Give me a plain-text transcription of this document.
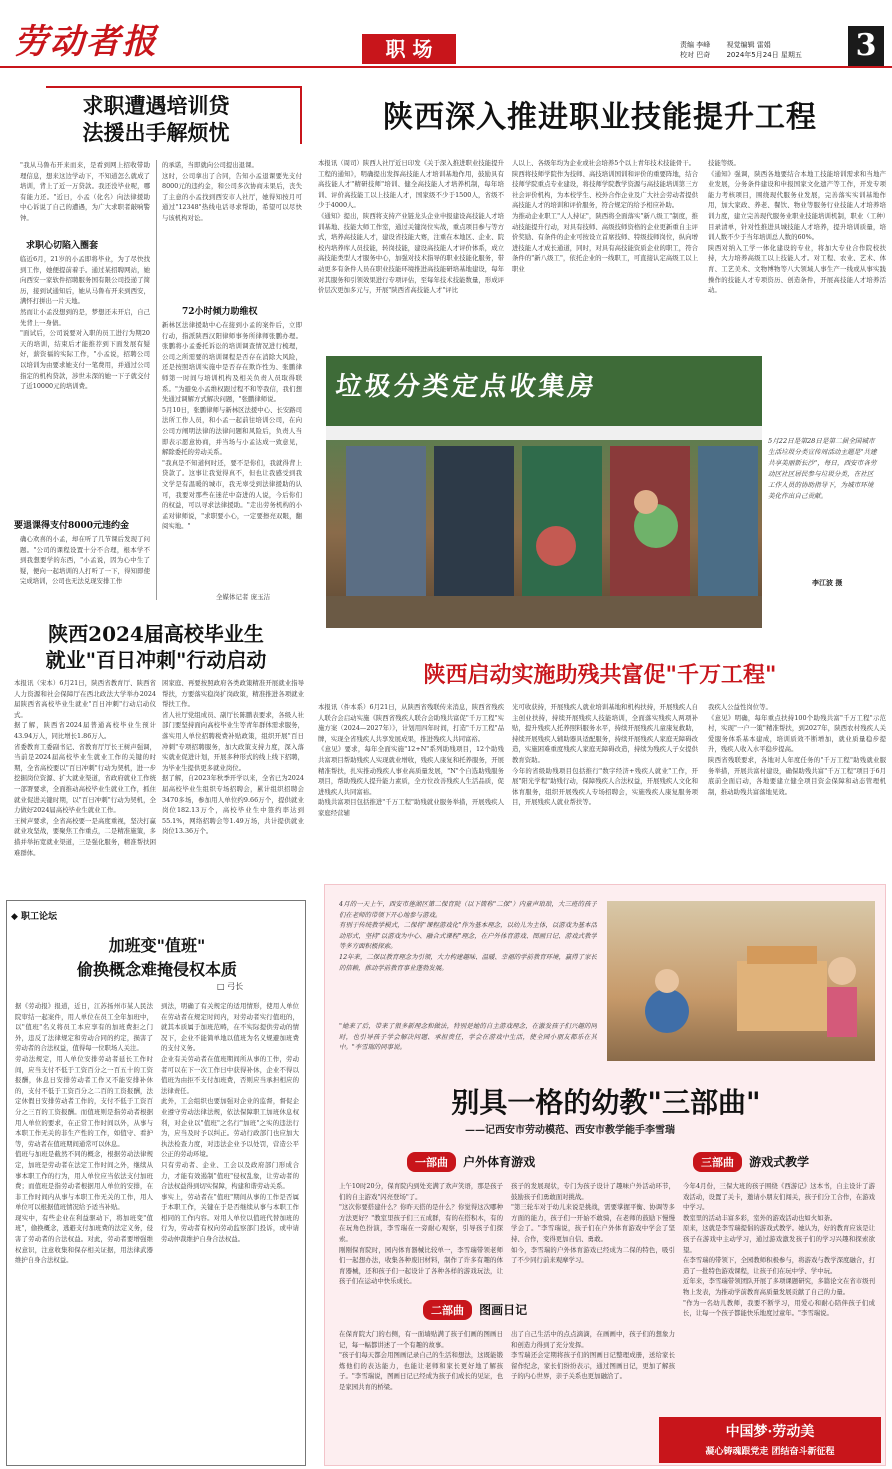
劳动者报	职 场	责编 李峰 视觉编辑 雷娟
校对 巴奇 2024年5月24日 星期五 3
求职遭遇培训贷
法援出手解烦忧
"我从马鲁布开来而来，是看到网上招收带助理信息，想来这边学动下，不知道怎么就成了培训，背上了近一万贷款。我还没毕业呢，哪有能力还。"近日，小孟（化名）向法律援助中心诉说了自己的遭遇，为广大求职者敲响警钟。
求职心切陷入圈套
临近6月，21岁的小孟即将毕业，为了尽快找到工作，她便提前着手。通过某招聘网站，她向西安一家软件招聘服务国有限公司投递了简历，接到试通知后，她从马鲁布开来到西安，满怀打拼出一片天地。
然而让小孟没想到的是，梦想还未开启，自己先背上一身债。
"面试后，公司说要对入职的员工进行为期20天的培训，结束后才能推荐到下面发展有疑好，薪资福的实际工作，"小孟说，招聘公司以培训为由要求她支付一笔费用，并通过公司指定的机构贷款，涉世未深的她一下子就交付了近10000元的培训费。
要退课得支付8000元违约金
确心欢喜的小孟，却在听了几节课后发现了问题。"公司的课程设置十分不合理，根本学不到我想要学的东西，"小孟说，因为心中生了疑，便向一起培训的人打听了一下，得知即使完成培训，公司也无法兑现安排工作
的承诺，当即就向公司提出退课。
这时，公司拿出了合同，告知小孟退课要先支付8000元的违约金，和公司多次协商未果后，丧失了主意的小孟找到西安市人社厅，她得知按月可通过"12348"热线电话寻求帮助，希望可以尽快与该机构对讼。
72小时倾力助维权
新林区法律援助中心在接到小孟的案件后，立即行动，指派陕西汉阳律师事务所律师张鹏办理。张鹏将小孟委托诉讼的培训调查情况进行梳理，公司之所需要的培训课程是否存在消除大风险，还是按照培训实施中是否存在欺诈性为、张鹏律师第一时间与培训机构及相关负责人员取得联系。"为避免小孟维权跟过程不和等我信，我们想先通过调解方式解决问题，"张鹏律师说。
5月10日，张鹏律师与新林区法援中心、长安路司法所工作人员，和小孟一起前往培训公司，在向公司方阐明法律的法律问题和风险后，负责人当即表示愿意协商，并当场与小孟达成一致意见，解除委托的劳动关系。
"我真是不知道何时还，要不是你们，我就得背上贷款了。这事让我觉得真不，但也让我感受到我文学是有温暖的城市，我无辜受到法律援助的认可，我要对那些在迷茫中奋进的人说，今后你们的权益，可以寻求法律援助。"走出劳务机构的小孟对律师说，"求职要小心，一定要擦亮双眼，翻阅实地。"
全媒体记者 庞玉洁
陕西深入推进职业技能提升工程
本报讯（周司）陕西人社厅近日印发《关于深入推进职业技能提升工程的通知》，明确提出发挥高技能人才培训基地作用，鼓励具有高技能人才"精研技师"培训、健全高技能人才培养机制，每年培训、评价高技能工以上技能人才，国家级不少于1500人，省级不少于4000人。
《通知》提出，陕西将支持产业链龙头企业申报建设高技能人才培训基地、技能大师工作室，通过关键岗位实战，重点项目参与等方式，培养高技能人才，建设省技能大赛，注重在本地区、企业、院校内培养库人员技能，转岗技能，建设高技能人才评价体系，成立高技能类型人才服务中心，加强对技术指导的职业技能化服务，带动更多有条件人员在职业技能环境推进高技能研培基地建设，每年对其服务和引领效果进行专项评估，至每年技术技能数量，形成评价层次更加多元与，开展"陕西省高技能人才"评比
人以上、各级年均为企业或社会培养5个以上青年技术技能骨干。
陕西将技师学院作为技师、高技培训国训和评价的重要阵地，结合技师学院重点专业建设，将技师学院教学资源与高技能培训第三方社会评价机构，为本校学生、校外合作企业及广大社会劳动者提供高技能人才的培训和评价服务，符合规定的给予相应补助。
为推动企业职工"人人持证"，陕西将全面落实"新八级工"制度，推动技能提升行动，对具有技师、高级技师资格的企业更新重自主评价奖励、有条件的企业可按设立首席技师、特级技师岗位，纵向增进技能人才成长通道，同时，对具有高技能资质企业的职工，符合条件的"新八级工"，依托企业的一线职工，可直接认定高级工以上职业
技能等级。
《通知》强调，陕西各地要结合本地工技能培训需求和当地产业发展，分务条件建设和申报国家文化遗产等工作，开发专项能力考核项目，围绕现代服务业发展，完善落实实训基地作用，加大家政、养老、餐饮、物业等服务行业技能人才培养培训力度，建立完善现代服务业职业技能培训机制，职业（工种）目录清单，针对性推进具城技能人才培养，提升培训质量，培训人数不少于当年培训总人数的60%。
陕西对纳入工学一体化建设的专业，将加大专业合作院校扶持，大力培养高级工以上技能人才。对工程、农业、艺术、体育、工艺美术、文物博物等八大领域人事生产一线或从事实践操作的技能人才专项资历、创造条件，开展高技能人才培养活动。
垃圾分类定点收集房
5月22日是第28日是第二届全国城市生活垃圾分类宣传周活动主题是"共建共享美丽新长沙"，每日，西安市各劳动区社区居民参与垃圾分类，在社区工作人员的协助指导下，为城市环境美化作出自己贡献。
李江波 摄
陕西2024届高校毕业生
就业"百日冲刺"行动启动
本报讯（宋本）6月21日，陕西省教育厅、陕西省人力资源和社会保障厅在西北政法大学举办2024届陕西省高校毕业生就业"百日冲刺"行动启动仪式。
据了解，陕西省2024届普通高校毕业生预计43.94万人，同比增长1.86万人。
省委教育工委副书记、省教育厅厅长王树声强调，当前是2024届高校毕业生就业工作的关键的时期，全省高校要以"百日冲刺"行动为契机，进一步挖掘岗位资源、扩大就业渠道，省政府就业工作统一部署要求，全面推动高校毕业生就业工作，抓住就业促进关键时期，以"百日冲刺"行动为契机，全力做好2024届高校毕业生就业工作。
王树声要求，全省高校要一是高度重视，坚决打赢就业攻坚战，要聚焦工作重点，二是精准施策，多措并举拓宽就业渠道，三是强化服务，精准帮扶困难群体。
困家庭、再要按照政府各类政策精准开展就业指导帮扶，方要落实稳岗扩岗政策，精准推进各项就业帮扶工作。
省人社厅党组成员、副厅长陈鹏表要求，各级人社部门要坚持面向高校毕业生等青年群体需求服务，落实用人单位招聘税费补贴政策，组织开展"百日冲刺"专项招聘服务，加大政策支持力度，深入落实就业促进计划，开展多种形式的线上线下招聘，为毕业生提供更多就业岗位。
据了解，自2023年秋季开学以来，全省已为2024届高校毕业生组织专场招聘会，累计组织招聘会3470多场，参加用人单位约9.66万个，提供就业岗位182.13万个，高校毕业生中签约率达到55.1%，网络招聘会等1.49万场，共计提供就业岗位13.36万个。
陕西启动实施助残共富促"千万工程"
本报讯（件本系）6月21日，从陕西省残联传来消息，陕西省残疾人联合会启动实施《陕西省残疾人联合会助残共富促"千万工程"实施方案（2024—2027年）》，计划用四年时间，打造"千万工程"品牌，实现全省残疾人共享发展成果，推进残疾人共同富裕。
《意见》要求，每年全面实施"12+N"系列助残项目，12个助残共富项目帮助残疾人实现就业增收，残疾人康复和托养服务，开展精准帮扶，扎实推动残疾人事业高质量发展，"N"个自选助残服务项目，帮助残疾人提升能力素质，全方位改善残疾人生活品质，促进残疾人共同富裕。
助残共富项目包括推进"千万工程"助残就业服务举措，开展残疾人家庭经营辅
光可收获持，开展残疾人就业培训基地和机构扶持，开展残疾人自主创业扶持，持续开展残疾人技能培训，全面落实残疾人两项补贴，提升残疾人托养照料服务水平，持续开展残疾儿童康复救助，持续开展残疾人辅助器具适配服务，持续开展残疾人家庭无障碍改造，实施困难重度残疾人家庭无障碍改造，持续为残疾人子女提供教育资助。
今年的省级助残项目包括推行"数字经济+残疾人就业"工作，开展"阳光学程"助残行动，保障残疾人合法权益，开展残疾人文化和体育服务，组织开展残疾人专场招聘会，实施残疾人康复服务项目，开展残疾人就业帮扶等。
我疾人公益性岗位等。
《意见》明确，每年重点扶持100个助残共富"千万工程"示范村，实现"一户一策"精准帮扶，到2027年，陕西农村残疾人关爱服务体系基本建成，培训质效不断增加，就业质量稳步提升，残疾人收入水平稳步提高。
陕西省残联要求，各地对人年度任务的"千万工程"助残就业服务举措，开展共富村建设，确保助残共富"千万工程"项目于6月底前全面启动，各地要建立健全项目资金保障和动态管理机制，推动助残共富落地见效。
◆ 职工论坛
加班变"值班"
偷换概念难掩侵权本质
□ 弓长
据《劳动报》报道，近日，江苏扬州市某人民法院审结一起案件，用人单位在员工全年加班中，以"值班"名义将员工本应享有的加班费拒之门外，违反了法律规定和劳动合同的约定，损害了劳动者的合法权益，值得每一位职场人关注。
劳动法规定，用人单位安排劳动者延长工作时间，应当支付不低于工资百分之一百五十的工资报酬，休息日安排劳动者工作又不能安排补休的，支付不低于工资百分之二百的工资报酬，法定休假日安排劳动者工作的，支付不低于工资百分之三百的工资报酬。而值班则是指劳动者根据用人单位的要求，在正常工作时间以外，从事与本职工作无关的非生产性的工作，如值守、看护等，劳动者在值班期间通常可以休息。
值班与加班是截然不同的概念，根据劳动法律规定，加班是劳动者在法定工作时间之外，继续从事本职工作的行为，用人单位应当依法支付加班费；而值班是指劳动者根据用人单位的安排，在非工作时间内从事与本职工作无关的工作，用人单位可以根据值班情况给予适当补贴。
现实中，有些企业在利益驱动下，将加班变"值班"，偷换概念，逃避支付加班费的法定义务，侵害了劳动者的合法权益。对此，劳动者要增强维权意识，注意收集和保存相关证据，用法律武器维护自身合法权益。
到法，明确了有关规定的适用情形，使用人单位在劳动者在规定时间内，对劳动者实行值班的，就其本质属于加班范畴，在不实际提供劳动的情况下，企业不能简单地以值班为名义规避加班费的支付义务。
企业有关劳动者在值班期间所从事的工作，劳动者可以在下一次工作日中获得补休，企业不得以值班为由拒不支付加班费，否则应当承担相应的法律责任。
此外，工会组织也要加强对企业的监督，督促企业遵守劳动法律法规，依法保障职工加班休息权利，对企业以"值班"之名行"加班"之实的违法行为，应当及时予以纠正。劳动行政部门也应加大执法检查力度，对违法企业予以处罚，营造公平公正的劳动环境。
只有劳动者、企业、工会以及政府部门形成合力，才能有效遏制"值班"侵权乱象，让劳动者的合法权益得到切实保障，构建和谐劳动关系。
事实上，劳动者在"值班"期间从事的工作是否属于本职工作，关键在于是否继续从事与本职工作相同的工作内容。对用人单位以值班代替加班的行为，劳动者有权向劳动监察部门投诉，或申请劳动仲裁维护自身合法权益。
4月的一天上午，西安市莲湖区第二保育院（以下简称"二保"）内童声琅琅，大三班的孩子们在老师的带领下开心地参与游戏。
有别于传统教学模式，二保将"课程游戏化"作为基本理念，以幼儿为主体，以游戏为基本活动形式，坚持"以游戏为中心、融合式课程"理念，在户外体育游戏、图画日记、游戏式教学等多方面积极探索。
12年来，二保以教育理念为引领，大力构建趣味、温暖、幸福的学前教育环境，赢得了家长的信赖，推动学前教育事业蓬勃发展。
"她来了后，带来了很多新理念和做法，特别是她的自主游戏理念，在激发孩子们兴趣的同时，也引导孩子学会解决问题、承担责任，学会在游戏中生活，使全园小朋友都乐在其中。"李雪瑞的同事说。
别具一格的幼教"三部曲"
——记西安市劳动模范、西安市教学能手李雪瑞
一部曲 户外体育游戏	三部曲 游戏式教学
上午10时20分，保育院内到处充满了欢声笑语，那是孩子们的自主游戏"闪亮登场"了。
"这次你要搭建什么？你昨天搭的是什么？你觉得这次哪种方法更好？"教室里孩子们三五成群，有的在搭积木，有的在玩角色扮演，李雪瑞在一旁耐心观察，引导孩子们探索。
刚刚保育院时，园内体育器械比较单一，李雪瑞带领老师们一起想办法，收集各种废旧材料，制作了许多有趣的体育器械，还和孩子们一起设计了各种各样的游戏玩法，让孩子们在运动中快乐成长。
孩子的发展现状，专门为孩子设计了趣味户外活动环节，鼓励孩子们勇敢面对挑战。
"第三轮车对于幼儿来说是挑战，需要掌握平衡、协调等多方面的能力，孩子们一开始不敢骑，在老师的鼓励下慢慢学会了。"李雪瑞说，孩子们在户外体育游戏中学会了坚持、合作，变得更加自信、勇敢。
如今，李雪瑞的户外体育游戏已经成为二保的特色，吸引了不少同行前来观摩学习。
今年4月份，三保大班的孩子围绕《西游记》这本书，自主设计了游戏活动，设置了关卡，邀请小朋友们闯关，孩子们分工合作，在游戏中学习。
教室里的活动丰富多彩，室外的游戏活动也如火如荼。
原来，这就是李雪瑞提倡的游戏式教学。她认为，好的教育应该是让孩子在游戏中主动学习，通过游戏激发孩子们的学习兴趣和探索欲望。
在李雪瑞的带领下，全园教师积极参与，将游戏与教学深度融合，打造了一批特色游戏课程，让孩子们在玩中学、学中玩。
近年来，李雪瑞带领团队开展了多项课题研究，多篇论文在省市级刊物上发表，为推动学前教育高质量发展贡献了自己的力量。
"作为一名幼儿教师，我要不断学习，用爱心和耐心陪伴孩子们成长，让每一个孩子都能快乐地度过童年。"李雪瑞说。
二部曲 图画日记
在保育院大门的右侧，有一面墙贴满了孩子们画的图画日记，每一幅都讲述了一个有趣的故事。
"孩子们每天都会用图画记录自己的生活和想法，这既能锻炼他们的表达能力，也能让老师和家长更好地了解孩子。"李雪瑞说，图画日记已经成为孩子们成长的见证，也是家园共育的桥梁。
出了自己生活中的点点滴滴，在画画中，孩子们的想象力和创造力得到了充分发挥。
李雪瑞还会定期将孩子们的图画日记整理成册，送给家长留作纪念，家长们纷纷表示，通过图画日记，更加了解孩子的内心世界，亲子关系也更加融洽了。
中国梦·劳动美
凝心铸魂跟党走 团结奋斗新征程
